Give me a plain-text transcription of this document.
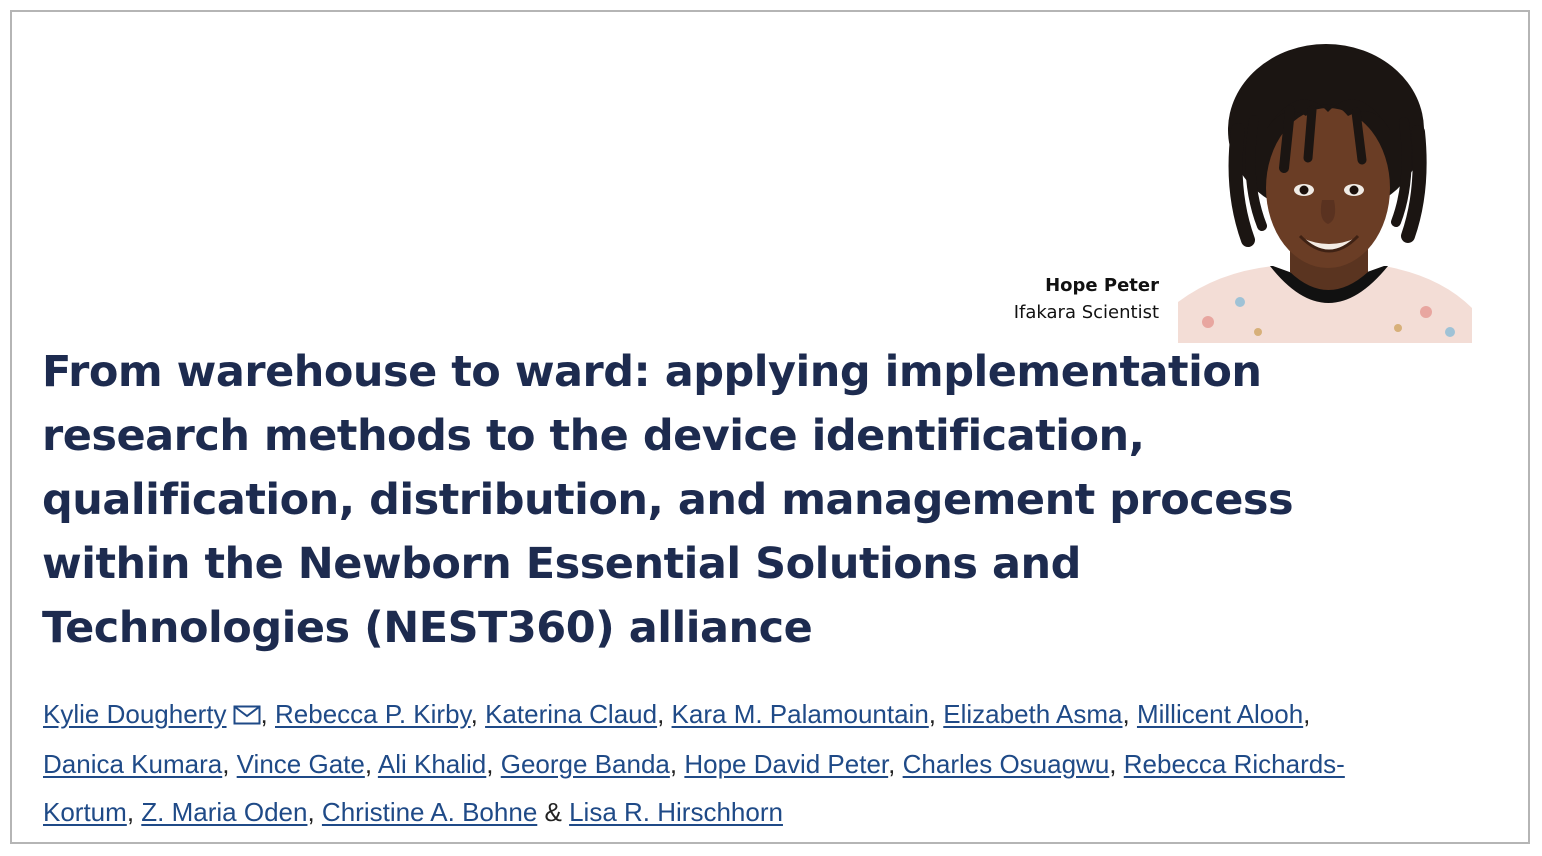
Hope Peter
Ifakara Scientist
From warehouse to ward: applying implementation
research methods to the device identification,
qualification, distribution, and management process
within the Newborn Essential Solutions and
Technologies (NEST360) alliance
Kylie Dougherty , Rebecca P. Kirby, Katerina Claud, Kara M. Palamountain, Elizabeth Asma, Millicent Alooh, Danica Kumara, Vince Gate, Ali Khalid, George Banda, Hope David Peter, Charles Osuagwu, Rebecca Richards-Kortum, Z. Maria Oden, Christine A. Bohne & Lisa R. Hirschhorn
